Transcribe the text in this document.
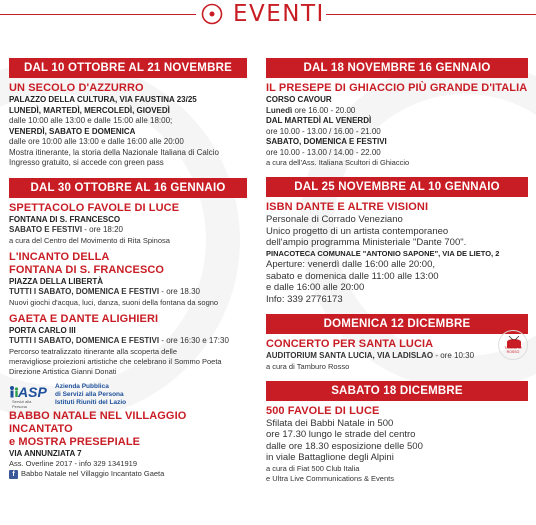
EVENTI
DAL 10 OTTOBRE AL 21 NOVEMBRE
UN SECOLO D'AZZURRO
PALAZZO DELLA CULTURA, VIA FAUSTINA 23/25
LUNEDÌ, MARTEDÌ, MERCOLEDÌ, GIOVEDÌ
dalle 10:00 alle 13:00 e dalle 15:00 alle 18:00;
VENERDÌ, SABATO E DOMENICA
dalle ore 10:00 alle 13:00 e dalle 16:00 alle 20:00
Mostra itinerante, la storia della Nazionale Italiana di Calcio
Ingresso gratuito, si accede con green pass
DAL 30 OTTOBRE AL 16 GENNAIO
SPETTACOLO FAVOLE DI LUCE
FONTANA DI S. FRANCESCO
SABATO E FESTIVI - ore 18:20
a cura del Centro del Movimento di Rita Spinosa
L'INCANTO DELLA
FONTANA DI S. FRANCESCO
PIAZZA DELLA LIBERTÀ
TUTTI I SABATO, DOMENICA E FESTIVI - ore 18.30
Nuovi giochi d'acqua, luci, danza, suoni della fontana da sogno
GAETA E DANTE ALIGHIERI
PORTA CARLO III
TUTTI I SABATO, DOMENICA E FESTIVI - ore 16:30 e 17:30
Percorso teatralizzato itinerante alla scoperta delle
meravigliose proiezioni artistiche che celebrano il Sommo Poeta
Direzione Artistica Gianni Donati
ASP
Servizi alla Persona
Azienda Pubblica
di Servizi alla Persona
Istituti Riuniti del Lazio
BABBO NATALE NEL VILLAGGIO INCANTATO
e MOSTRA PRESEPIALE
VIA ANNUNZIATA 7
Ass. Overline 2017 - info 329 1341919
f Babbo Natale nel Villaggio Incantato Gaeta
DAL 18 NOVEMBRE 16 GENNAIO
IL PRESEPE DI GHIACCIO PIÙ GRANDE D'ITALIA
CORSO CAVOUR
Lunedì ore 16.00 - 20.00
DAL MARTEDÌ AL VENERDÌ
ore 10.00 - 13.00 / 16.00 - 21.00
SABATO, DOMENICA E FESTIVI
ore 10.00 - 13.00 / 14.00 - 22.00
a cura dell'Ass. Italiana Scultori di Ghiaccio
DAL 25 NOVEMBRE AL 10 GENNAIO
ISBN DANTE E ALTRE VISIONI
Personale di Corrado Veneziano
Unico progetto di un artista contemporaneo
dell'ampio programma Ministeriale "Dante 700".
PINACOTECA COMUNALE "ANTONIO SAPONE", VIA DE LIETO, 2
Aperture: venerdì dalle 16:00 alle 20:00,
sabato e domenica dalle 11:00 alle 13:00
e dalle 16:00 alle 20:00
Info: 339 2776173
DOMENICA 12 DICEMBRE
CONCERTO PER SANTA LUCIA
AUDITORIUM SANTA LUCIA, VIA LADISLAO - ore 10:30
a cura di Tamburo Rosso
TAMBURO ROSSO
SABATO 18 DICEMBRE
500 FAVOLE DI LUCE
Sfilata dei Babbi Natale in 500
ore 17.30 lungo le strade del centro
dalle ore 18.30 esposizione delle 500
in viale Battaglione degli Alpini
a cura di Fiat 500 Club Italia
e Ultra Live Communications & Events
